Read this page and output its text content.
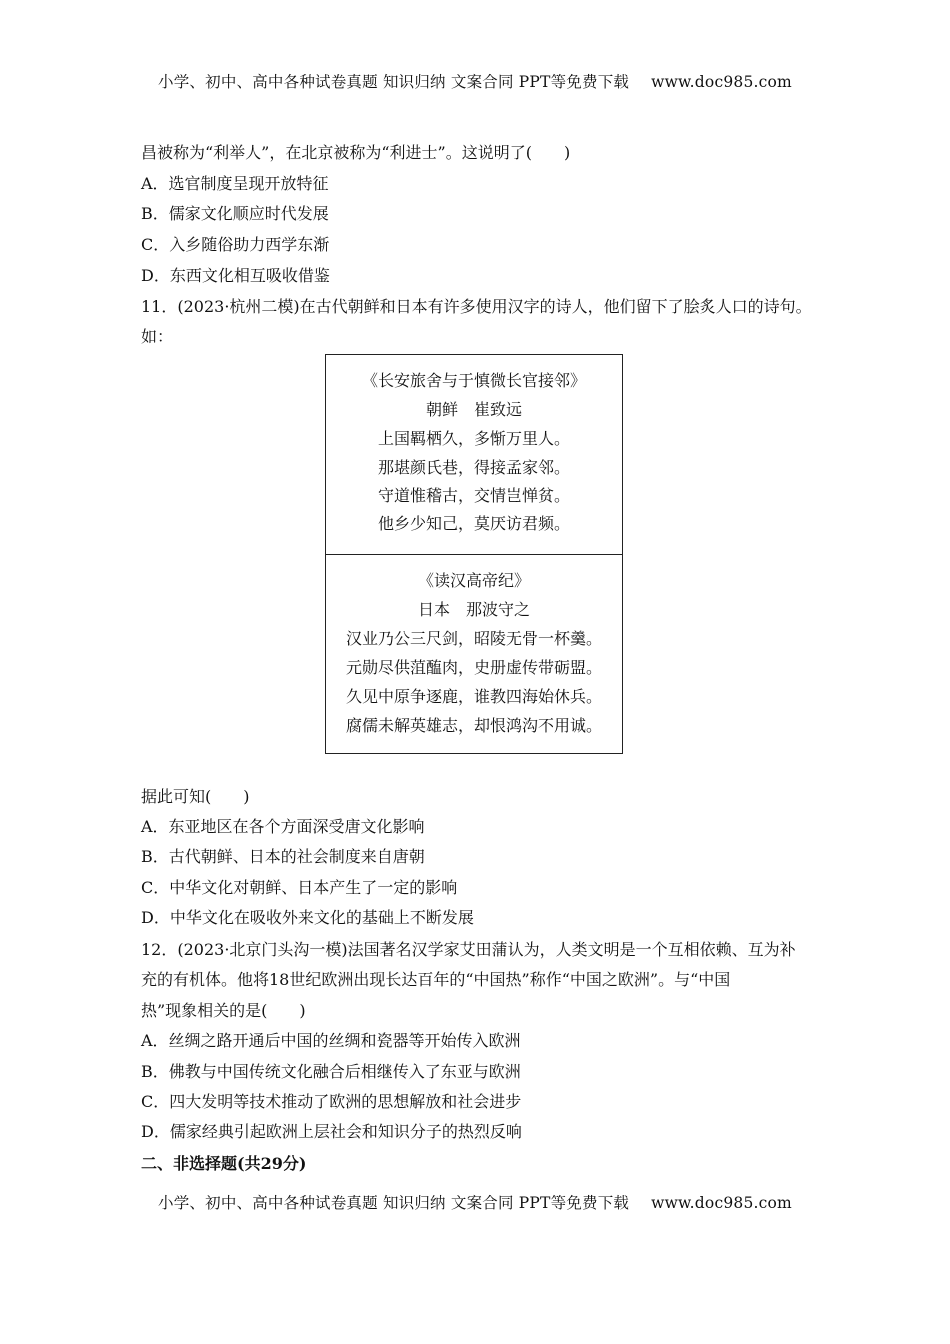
小学、初中、高中各种试卷真题 知识归纳 文案合同 PPT等免费下载 www.doc985.com
昌被称为“利举人”，在北京被称为“利进士”。这说明了(　　)
A．选官制度呈现开放特征
B．儒家文化顺应时代发展
C．入乡随俗助力西学东渐
D．东西文化相互吸收借鉴
11．(2023·杭州二模)在古代朝鲜和日本有许多使用汉字的诗人，他们留下了脍炙人口的诗句。
如：
《长安旅舍与于慎微长官接邻》
朝鲜　崔致远
上国羁栖久，多惭万里人。
那堪颜氏巷，得接孟家邻。
守道惟稽古，交情岂惮贫。
他乡少知己，莫厌访君频。
《读汉高帝纪》
日本　那波守之
汉业乃公三尺剑，昭陵无骨一杯羹。
元勋尽供菹醢肉，史册虚传带砺盟。
久见中原争逐鹿，谁教四海始休兵。
腐儒未解英雄志，却恨鸿沟不用诚。
据此可知(　　)
A．东亚地区在各个方面深受唐文化影响
B．古代朝鲜、日本的社会制度来自唐朝
C．中华文化对朝鲜、日本产生了一定的影响
D．中华文化在吸收外来文化的基础上不断发展
12．(2023·北京门头沟一模)法国著名汉学家艾田蒲认为，人类文明是一个互相依赖、互为补
充的有机体。他将18世纪欧洲出现长达百年的“中国热”称作“中国之欧洲”。与“中国
热”现象相关的是(　　)
A．丝绸之路开通后中国的丝绸和瓷器等开始传入欧洲
B．佛教与中国传统文化融合后相继传入了东亚与欧洲
C．四大发明等技术推动了欧洲的思想解放和社会进步
D．儒家经典引起欧洲上层社会和知识分子的热烈反响
二、非选择题(共29分)
小学、初中、高中各种试卷真题 知识归纳 文案合同 PPT等免费下载 www.doc985.com
